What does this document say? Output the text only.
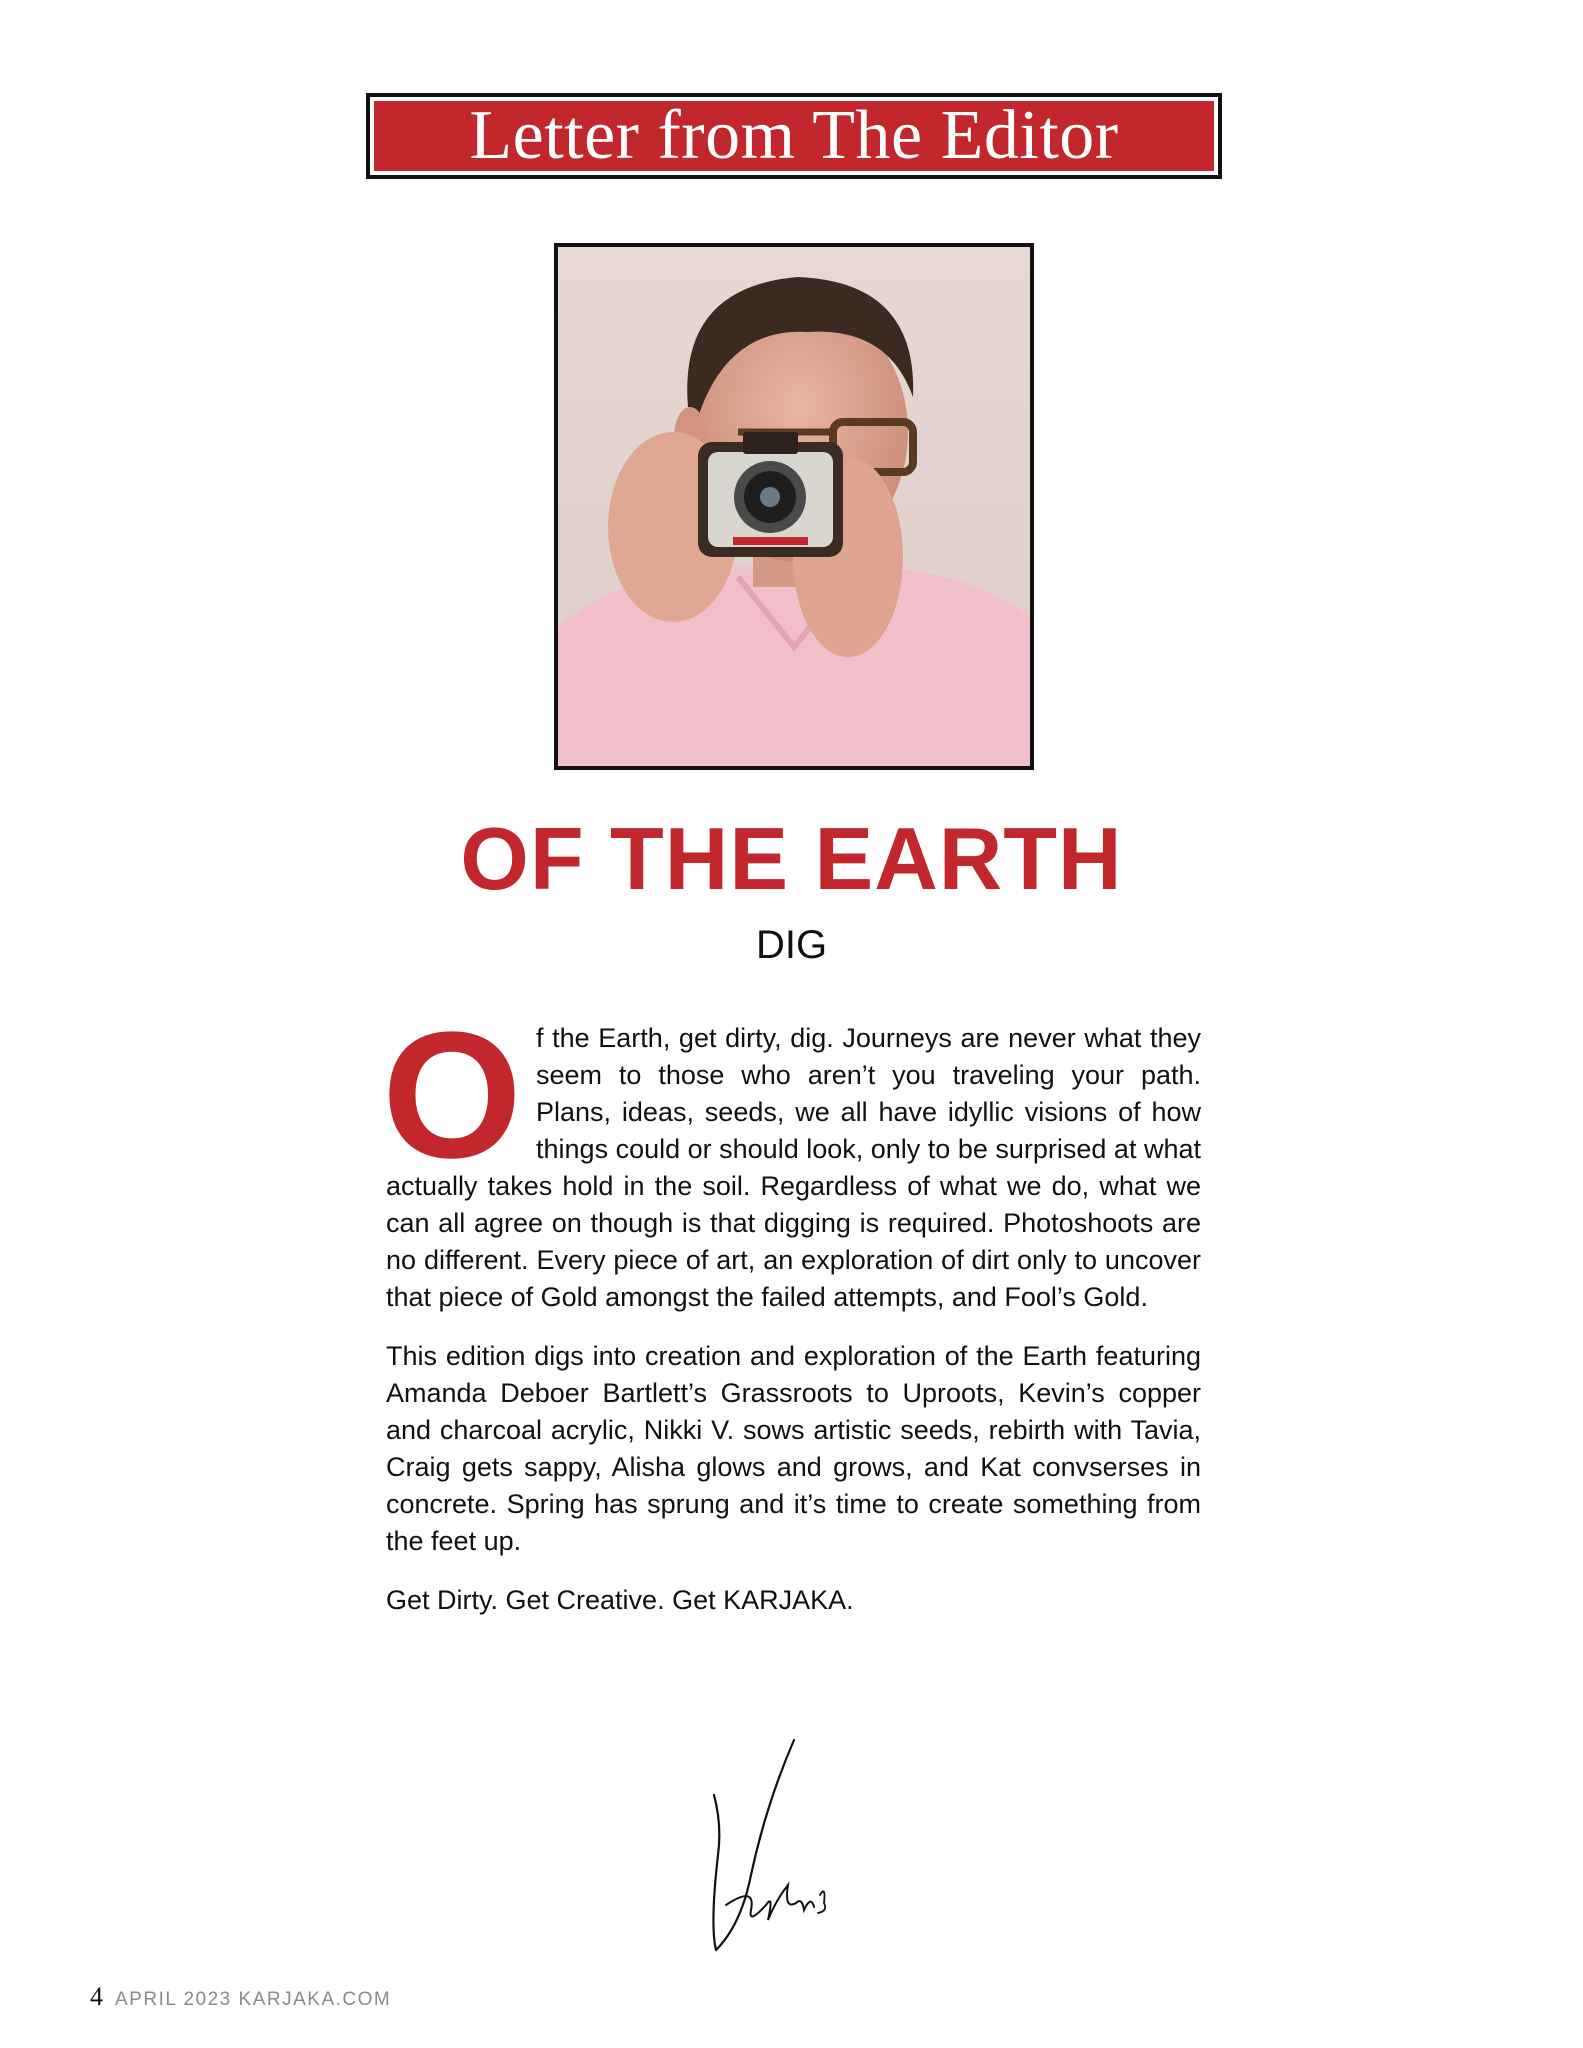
Letter from The Editor
OF THE EARTH
DIG

Of the Earth, get dirty, dig. Journeys are never what they seem to those who aren’t you traveling your path. Plans, ideas, seeds, we all have idyllic visions of how things could or should look, only to be surprised at what actually takes hold in the soil. Regardless of what we do, what we can all agree on though is that digging is required. Photoshoots are no different. Every piece of art, an exploration of dirt only to uncover that piece of Gold amongst the failed attempts, and Fool’s Gold.

This edition digs into creation and exploration of the Earth featuring Amanda Deboer Bartlett’s Grassroots to Uproots, Kevin’s copper and charcoal acrylic, Nikki V. sows artistic seeds, rebirth with Tavia, Craig gets sappy, Alisha glows and grows, and Kat convserses in concrete. Spring has sprung and it’s time to create something from the feet up.

Get Dirty. Get Creative. Get KARJAKA.

4 APRIL 2023 KARJAKA.COM
